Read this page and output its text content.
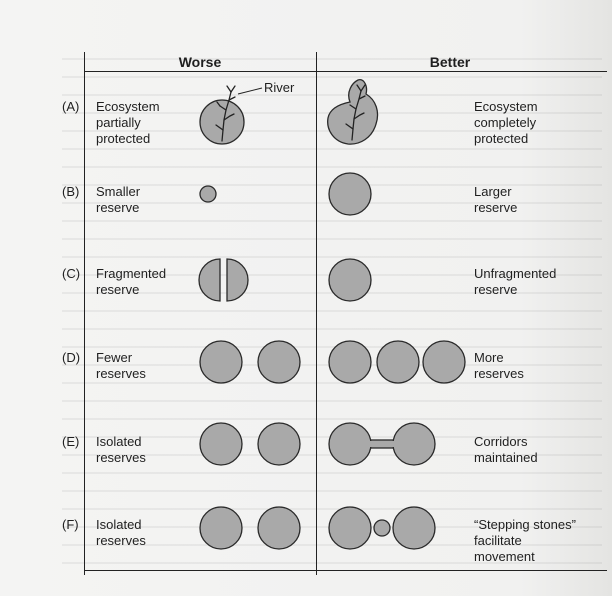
Worse	Better
(A) Ecosystem
partially
protected
Ecosystem
completely
protected
(B) Smaller
reserve
Larger
reserve
(C) Fragmented
reserve
Unfragmented
reserve
(D) Fewer
reserves
More
reserves
(E) Isolated
reserves
Corridors
maintained
(F) Isolated
reserves
“Stepping stones”
facilitate
movement
River
